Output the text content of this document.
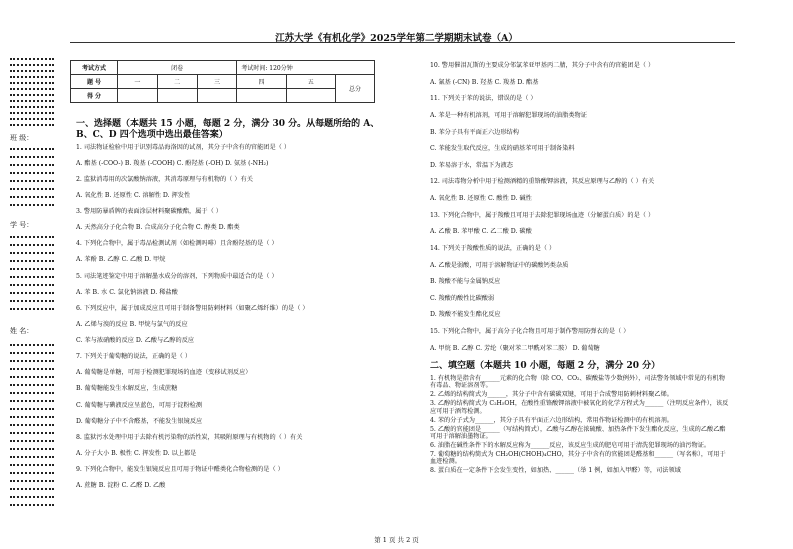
班 级：
学 号：
姓 名：
江苏大学《有机化学》2025学年第二学期期末试卷（A）
考试方式	闭卷			考试时间: 120分钟		
题 号	一	二	三	四	五	总分
得 分						
一、选择题（本题共 15 小题，每题 2 分，满分 30 分。从每题所给的 A、B、C、D 四个选项中选出最佳答案）
1. 司法物证检验中用于识别毒品海洛因的试剂，其分子中含有的官能团是（ ）
A. 酯基 (-COO-) B. 羧基 (-COOH) C. 酚羟基 (-OH) D. 氨基 (-NH₂)
2. 监狱消毒用的次氯酸钠溶液，其消毒原理与有机物的（ ）有关
A. 氧化性 B. 还原性 C. 溶解性 D. 挥发性
3. 警用防暴盾牌的表面涂层材料聚碳酸酯，属于（ ）
A. 天然高分子化合物 B. 合成高分子化合物 C. 醇类 D. 酯类
4. 下列化合物中，属于毒品检测试剂（如检测吗啡）且含酚羟基的是（ ）
A. 苯酚 B. 乙醇 C. 乙酸 D. 甲烷
5. 司法笔迹鉴定中用于溶解墨水成分的溶剂，下列物质中最适合的是（ ）
A. 苯 B. 水 C. 氯化钠溶液 D. 稀盐酸
6. 下列反应中，属于加成反应且可用于制备警用防刺材料（如聚乙烯纤维）的是（ ）
A. 乙烯与溴的反应 B. 甲烷与氯气的反应
C. 苯与浓硝酸的反应 D. 乙酸与乙醇的反应
7. 下列关于葡萄糖的说法，正确的是（ ）
A. 葡萄糖是单糖，可用于检测犯罪现场的血迹（变移试剂反应）
B. 葡萄糖能发生水解反应，生成蔗糖
C. 葡萄糖与碘液反应呈蓝色，可用于淀粉检测
D. 葡萄糖分子中不含醛基，不能发生银镜反应
8. 监狱污水处理中用于去除有机污染物的活性炭，其吸附原理与有机物的（ ）有关
A. 分子大小 B. 极性 C. 挥发性 D. 以上都是
9. 下列化合物中，能发生银镜反应且可用于物证中醛类化合物检测的是（ ）
A. 蔗糖 B. 淀粉 C. 乙醛 D. 乙酸
10. 警用催泪瓦斯的主要成分邻氯苯亚甲基丙二腈，其分子中含有的官能团是（ ）
A. 氰基 (-CN) B. 羟基 C. 羧基 D. 酯基
11. 下列关于苯的说法，错误的是（ ）
A. 苯是一种有机溶剂，可用于溶解犯罪现场的油脂类物证
B. 苯分子具有平面正六边形结构
C. 苯能发生取代反应，生成的硝基苯可用于制备染料
D. 苯易溶于水，常温下为液态
12. 司法毒物分析中用于检测酒精的重铬酸钾溶液，其反应原理与乙醇的（ ）有关
A. 氧化性 B. 还原性 C. 酸性 D. 碱性
13. 下列化合物中，属于羧酸且可用于去除犯罪现场血迹（分解蛋白质）的是（ ）
A. 乙酸 B. 苯甲酸 C. 乙二酸 D. 碳酸
14. 下列关于羧酸性质的说法，正确的是（ ）
A. 乙酸是弱酸，可用于溶解物证中的碳酸钙类杂质
B. 羧酸不能与金属钠反应
C. 羧酸的酸性比碳酸弱
D. 羧酸不能发生酯化反应
15. 下列化合物中，属于高分子化合物且可用于制作警用防弹衣的是（ ）
A. 甲烷 B. 乙醇 C. 芳纶（聚对苯二甲酰对苯二胺） D. 葡萄糖
二、填空题（本题共 10 小题，每题 2 分，满分 20 分）
1. 有机物是指含有______元素的化合物（除 CO、CO₂、碳酸盐等少数例外），司法警务领域中常见的有机物有毒品、物证溶剂等。
2. 乙烯的结构简式为______，其分子中含有碳碳双键，可用于合成警用防刺材料聚乙烯。
3. 乙醇的结构简式为 C₂H₅OH，在酸性重铬酸钾溶液中被氧化的化学方程式为______（注明反应条件），该反应可用于酒驾检测。
4. 苯的分子式为______，其分子具有平面正六边形结构，常用作物证检测中的有机溶剂。
5. 乙酸的官能团是______（写结构简式），乙酸与乙醇在浓硫酸、加热条件下发生酯化反应，生成的乙酸乙酯可用于溶解油墨物证。
6. 油脂在碱性条件下的水解反应称为______反应，该反应生成的肥皂可用于清洗犯罪现场的油污物证。
7. 葡萄糖的结构简式为 CH₂OH(CHOH)₄CHO，其分子中含有的官能团是醛基和______（写名称），可用于血迹检测。
8. 蛋白质在一定条件下会发生变性，如加热、______（举 1 例，如加入甲醛）等，司法领域
第 1 页 共 2 页
